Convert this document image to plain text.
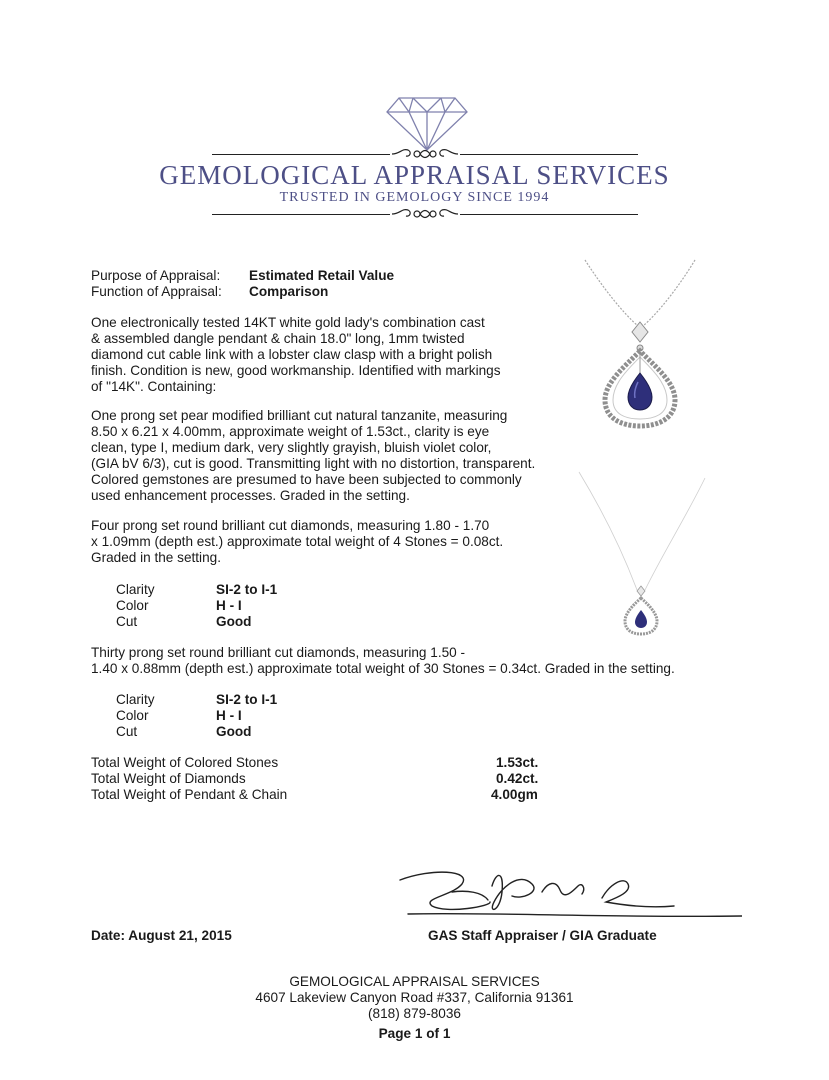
GEMOLOGICAL APPRAISAL SERVICES
TRUSTED IN GEMOLOGY SINCE 1994
Purpose of Appraisal: Estimated Retail Value
Function of Appraisal: Comparison
One electronically tested 14KT white gold lady's combination cast
& assembled dangle pendant & chain 18.0" long, 1mm twisted
diamond cut cable link with a lobster claw clasp with a bright polish
finish. Condition is new, good workmanship. Identified with markings
of "14K". Containing:
One prong set pear modified brilliant cut natural tanzanite, measuring
8.50 x 6.21 x 4.00mm, approximate weight of 1.53ct., clarity is eye
clean, type I, medium dark, very slightly grayish, bluish violet color,
(GIA bV 6/3), cut is good. Transmitting light with no distortion, transparent.
Colored gemstones are presumed to have been subjected to commonly
used enhancement processes. Graded in the setting.
Four prong set round brilliant cut diamonds, measuring 1.80 - 1.70
x 1.09mm (depth est.) approximate total weight of 4 Stones = 0.08ct.
Graded in the setting.
Clarity	SI-2 to I-1
Color	H - I
Cut	Good
Thirty prong set round brilliant cut diamonds, measuring 1.50 -
1.40 x 0.88mm (depth est.) approximate total weight of 30 Stones = 0.34ct. Graded in the setting.
Clarity	SI-2 to I-1
Color	H - I
Cut	Good
Total Weight of Colored Stones	1.53ct.
Total Weight of Diamonds	0.42ct.
Total Weight of Pendant & Chain	4.00gm
Date: August 21, 2015	GAS Staff Appraiser / GIA Graduate
GEMOLOGICAL APPRAISAL SERVICES
4607 Lakeview Canyon Road #337, California 91361
(818) 879-8036
Page 1 of 1
